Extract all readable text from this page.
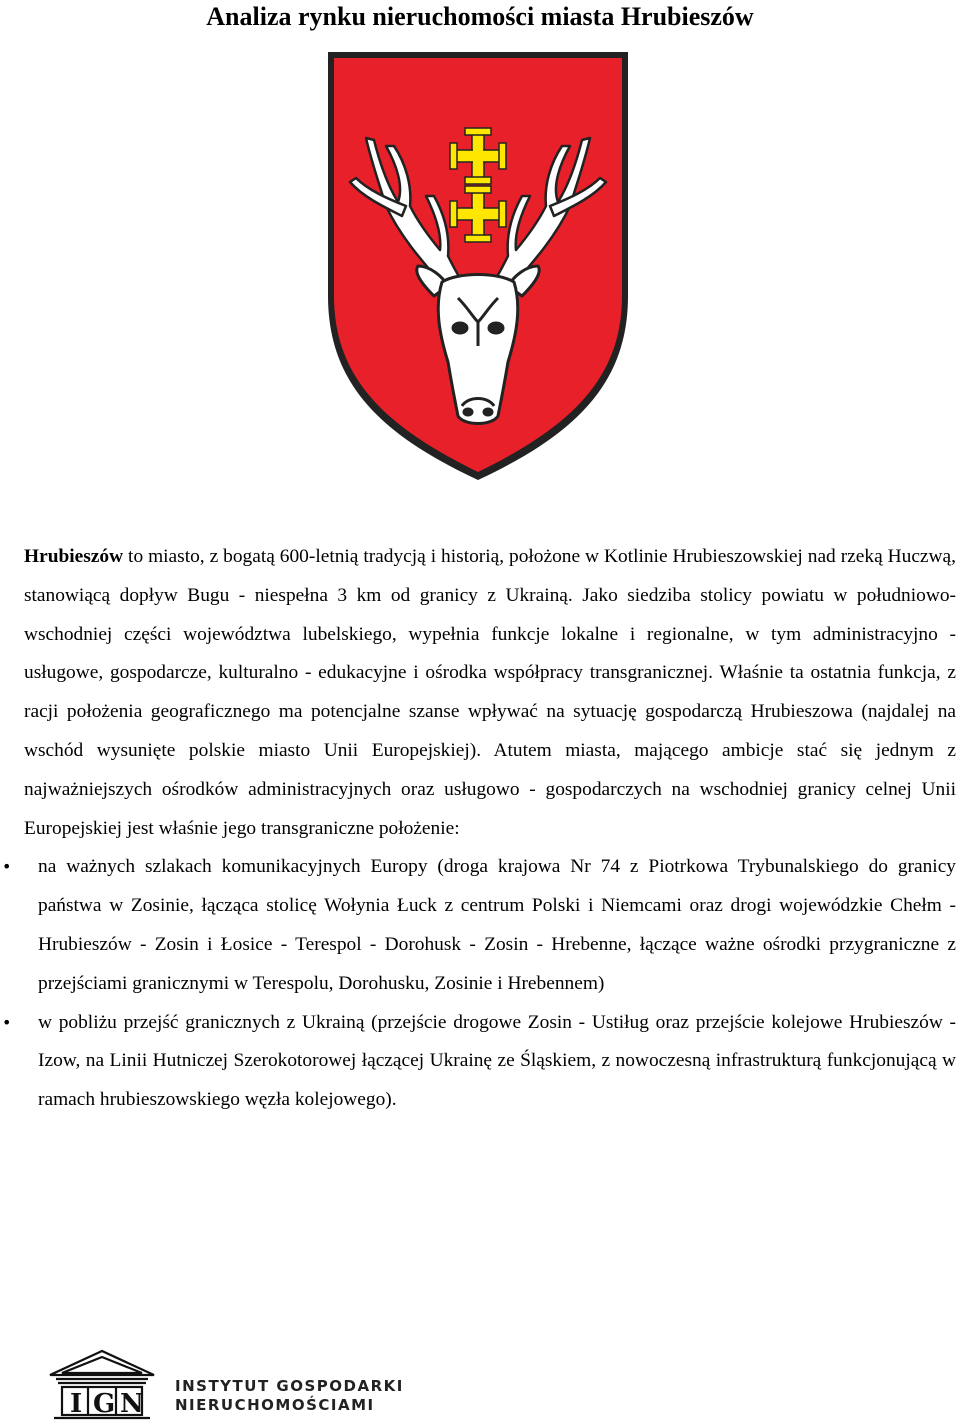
Analiza rynku nieruchomości miasta Hrubieszów

Hrubieszów to miasto, z bogatą 600-letnią tradycją i historią, położone w Kotlinie Hrubieszowskiej nad rzeką Huczwą, stanowiącą dopływ Bugu - niespełna 3 km od granicy z Ukrainą. Jako siedziba stolicy powiatu w południowo-wschodniej części województwa lubelskiego, wypełnia funkcje lokalne i regionalne, w tym administracyjno - usługowe, gospodarcze, kulturalno - edukacyjne i ośrodka współpracy transgranicznej. Właśnie ta ostatnia funkcja, z racji położenia geograficznego ma potencjalne szanse wpływać na sytuację gospodarczą Hrubieszowa (najdalej na wschód wysunięte polskie miasto Unii Europejskiej). Atutem miasta, mającego ambicje stać się jednym z najważniejszych ośrodków administracyjnych oraz usługowo - gospodarczych na wschodniej granicy celnej Unii Europejskiej jest właśnie jego transgraniczne położenie:

• na ważnych szlakach komunikacyjnych Europy (droga krajowa Nr 74 z Piotrkowa Trybunalskiego do granicy państwa w Zosinie, łącząca stolicę Wołynia Łuck z centrum Polski i Niemcami oraz drogi wojewódzkie Chełm - Hrubieszów - Zosin i Łosice - Terespol - Dorohusk - Zosin - Hrebenne, łączące ważne ośrodki przygraniczne z przejściami granicznymi w Terespolu, Dorohusku, Zosinie i Hrebennem)
• w pobliżu przejść granicznych z Ukrainą (przejście drogowe Zosin - Ustiług oraz przejście kolejowe Hrubieszów - Izow, na Linii Hutniczej Szerokotorowej łączącej Ukrainę ze Śląskiem, z nowoczesną infrastrukturą funkcjonującą w ramach hrubieszowskiego węzła kolejowego).
I G N
INSTYTUT GOSPODARKI
NIERUCHOMOŚCIAMI
